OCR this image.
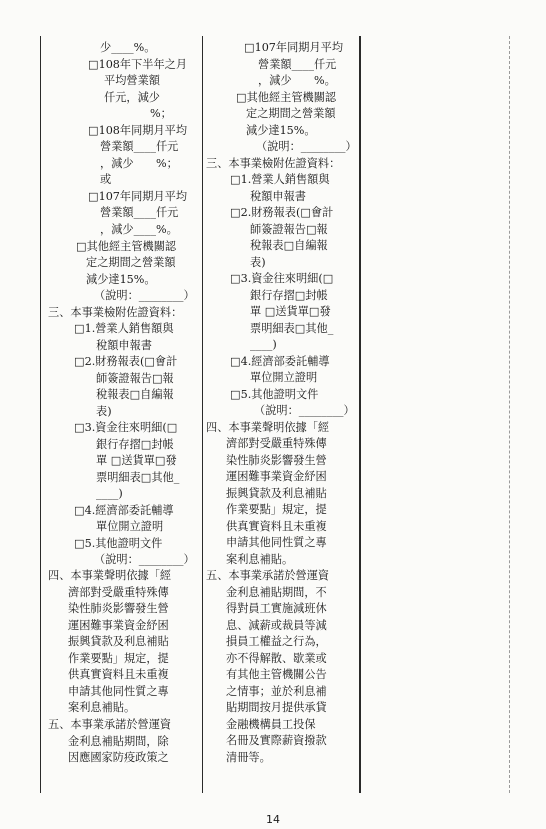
少____%。
□108年下半年之月
平均營業額
仟元，減少
%；
□108年同期月平均
營業額____仟元
，減少　　%；
或
□107年同期月平均
營業額____仟元
，減少____%。
□其他經主管機關認
定之期間之營業額
減少達15%。
（說明：________）
三、本事業檢附佐證資料：
□1.營業人銷售額與
稅額申報書
□2.財務報表(□會計
師簽證報告□報
稅報表□自編報
表)
□3.資金往來明細(□
銀行存摺□封帳
單 □送貨單□發
票明細表□其他_
____)
□4.經濟部委託輔導
單位開立證明
□5.其他證明文件
（說明：________）
四、本事業聲明依據「經
濟部對受嚴重特殊傳
染性肺炎影響發生營
運困難事業資金紓困
振興貸款及利息補貼
作業要點」規定，提
供真實資料且未重複
申請其他同性質之專
案利息補貼。
五、本事業承諾於營運資
金利息補貼期間，除
因應國家防疫政策之
□107年同期月平均
營業額____仟元
，減少　　%。
□其他經主管機關認
定之期間之營業額
減少達15%。
（說明：________）
三、本事業檢附佐證資料：
□1.營業人銷售額與
稅額申報書
□2.財務報表(□會計
師簽證報告□報
稅報表□自編報
表)
□3.資金往來明細(□
銀行存摺□封帳
單 □送貨單□發
票明細表□其他_
____)
□4.經濟部委託輔導
單位開立證明
□5.其他證明文件
（說明：________）
四、本事業聲明依據「經
濟部對受嚴重特殊傳
染性肺炎影響發生營
運困難事業資金紓困
振興貸款及利息補貼
作業要點」規定，提
供真實資料且未重複
申請其他同性質之專
案利息補貼。
五、本事業承諾於營運資
金利息補貼期間，不
得對員工實施減班休
息、減薪或裁員等減
損員工權益之行為，
亦不得解散、歇業或
有其他主管機關公告
之情事；並於利息補
貼期間按月提供承貸
金融機構員工投保
名冊及實際薪資撥款
清冊等。
14
